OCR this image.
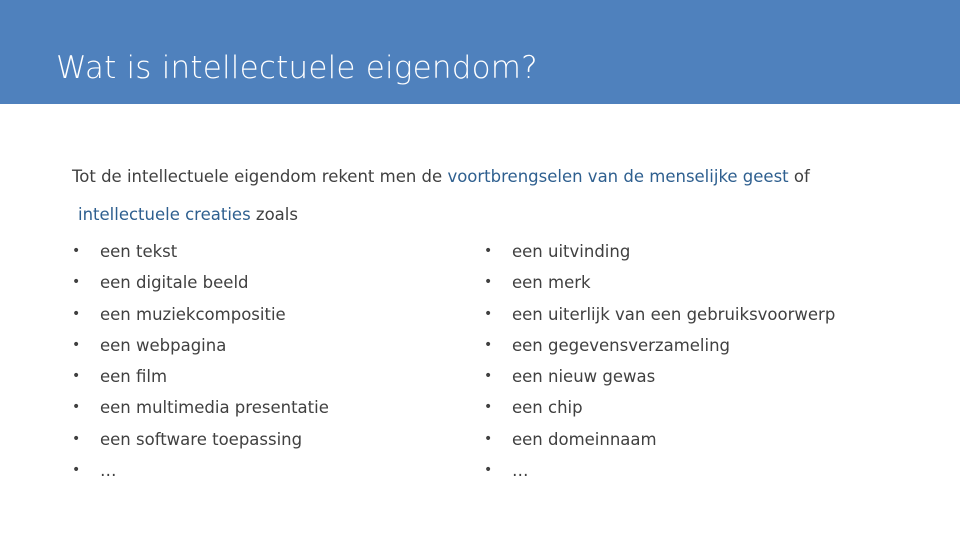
Wat is intellectuele eigendom?
Tot de intellectuele eigendom rekent men de voortbrengselen van de menselijke geest of
intellectuele creaties zoals
• een tekst
• een digitale beeld
• een muziekcompositie
• een webpagina
• een film
• een multimedia presentatie
• een software toepassing
• …
• een uitvinding
• een merk
• een uiterlijk van een gebruiksvoorwerp
• een gegevensverzameling
• een nieuw gewas
• een chip
• een domeinnaam
• …
